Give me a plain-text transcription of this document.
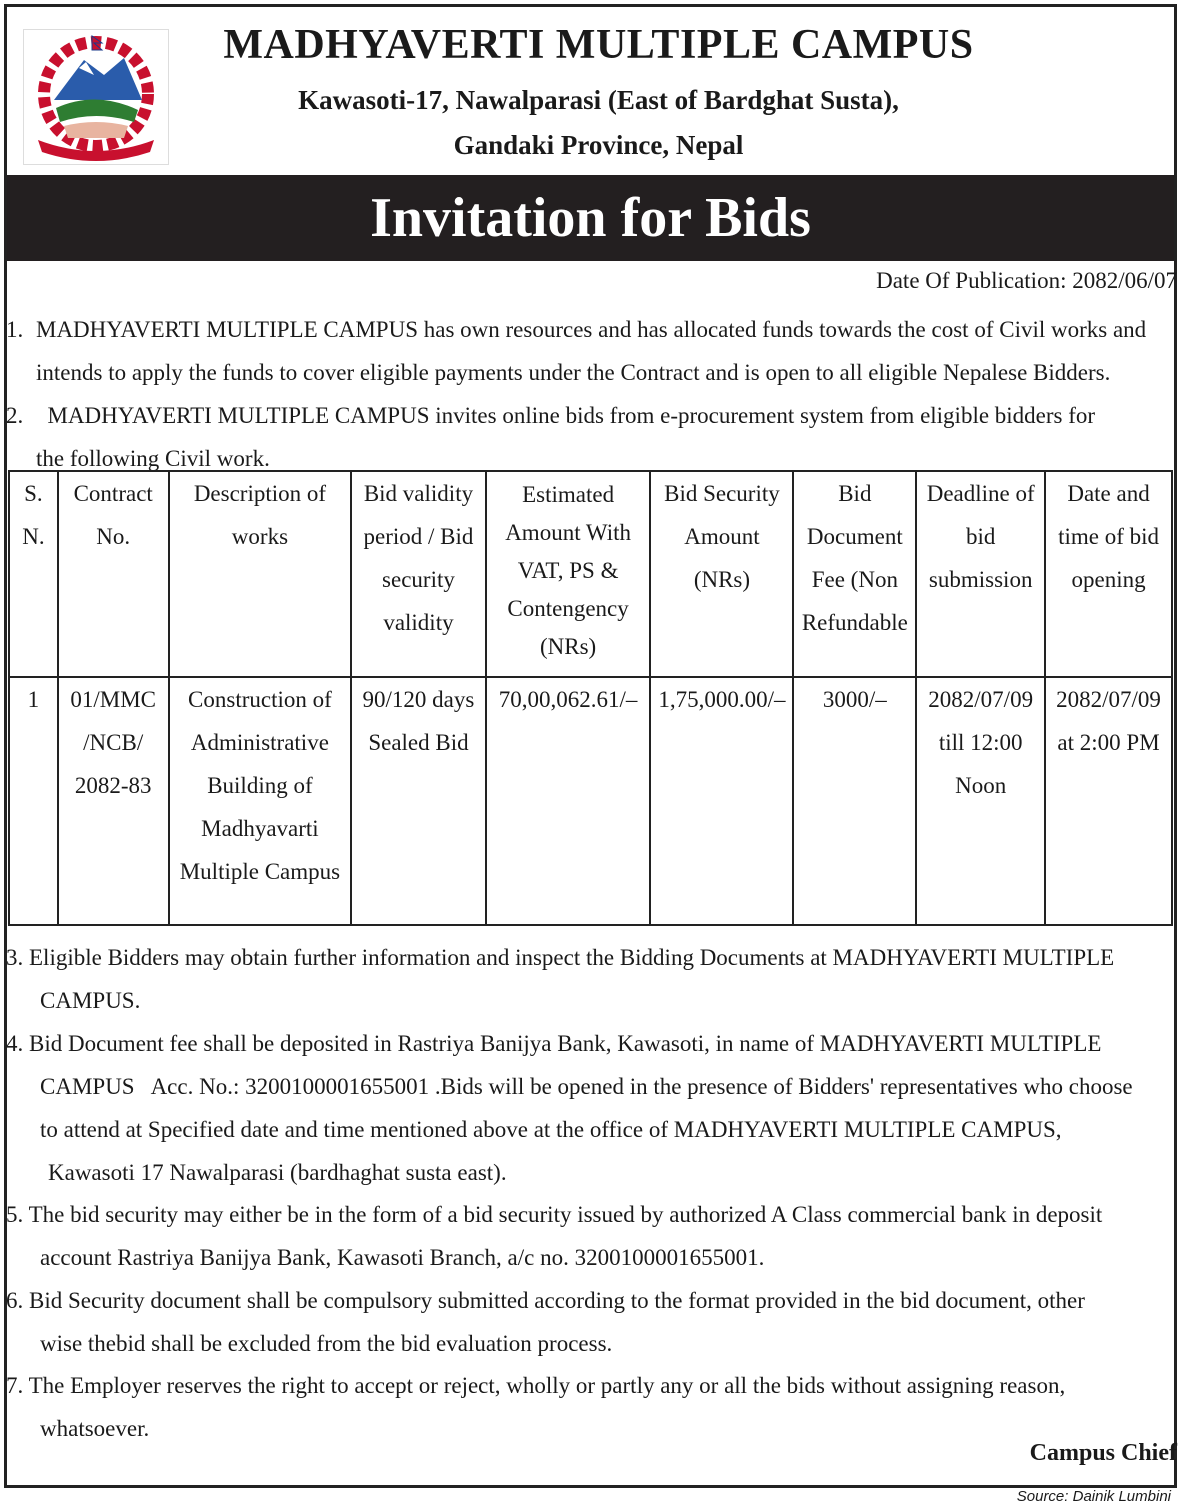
MADHYAVERTI MULTIPLE CAMPUS
Kawasoti-17, Nawalparasi (East of Bardghat Susta),
Gandaki Province, Nepal
Invitation for Bids
Date Of Publication: 2082/06/07
1. MADHYAVERTI MULTIPLE CAMPUS has own resources and has allocated funds towards the cost of Civil works and
intends to apply the funds to cover eligible payments under the Contract and is open to all eligible Nepalese Bidders.
2. MADHYAVERTI MULTIPLE CAMPUS invites online bids from e-procurement system from eligible bidders for
the following Civil work.
S. N.	Contract No.	Description of works	Bid validity period / Bid security validity	Estimated Amount With VAT, PS & Contengency (NRs)	Bid Security Amount (NRs)	Bid Document Fee (Non Refundable	Deadline of bid submission	Date and time of bid opening
1	01/MMC /NCB/ 2082-83	Construction of Administrative Building of Madhyavarti Multiple Campus	90/120 days Sealed Bid	70,00,062.61/–	1,75,000.00/–	3000/–	2082/07/09 till 12:00 Noon	2082/07/09 at 2:00 PM
3. Eligible Bidders may obtain further information and inspect the Bidding Documents at MADHYAVERTI MULTIPLE
CAMPUS.
4. Bid Document fee shall be deposited in Rastriya Banijya Bank, Kawasoti, in name of MADHYAVERTI MULTIPLE
CAMPUS   Acc. No.: 3200100001655001 .Bids will be opened in the presence of Bidders' representatives who choose
to attend at Specified date and time mentioned above at the office of MADHYAVERTI MULTIPLE CAMPUS,
Kawasoti 17 Nawalparasi (bardhaghat susta east).
5. The bid security may either be in the form of a bid security issued by authorized A Class commercial bank in deposit
account Rastriya Banijya Bank, Kawasoti Branch, a/c no. 3200100001655001.
6. Bid Security document shall be compulsory submitted according to the format provided in the bid document, other
wise thebid shall be excluded from the bid evaluation process.
7. The Employer reserves the right to accept or reject, wholly or partly any or all the bids without assigning reason,
whatsoever.
Campus Chief
Source: Dainik Lumbini
